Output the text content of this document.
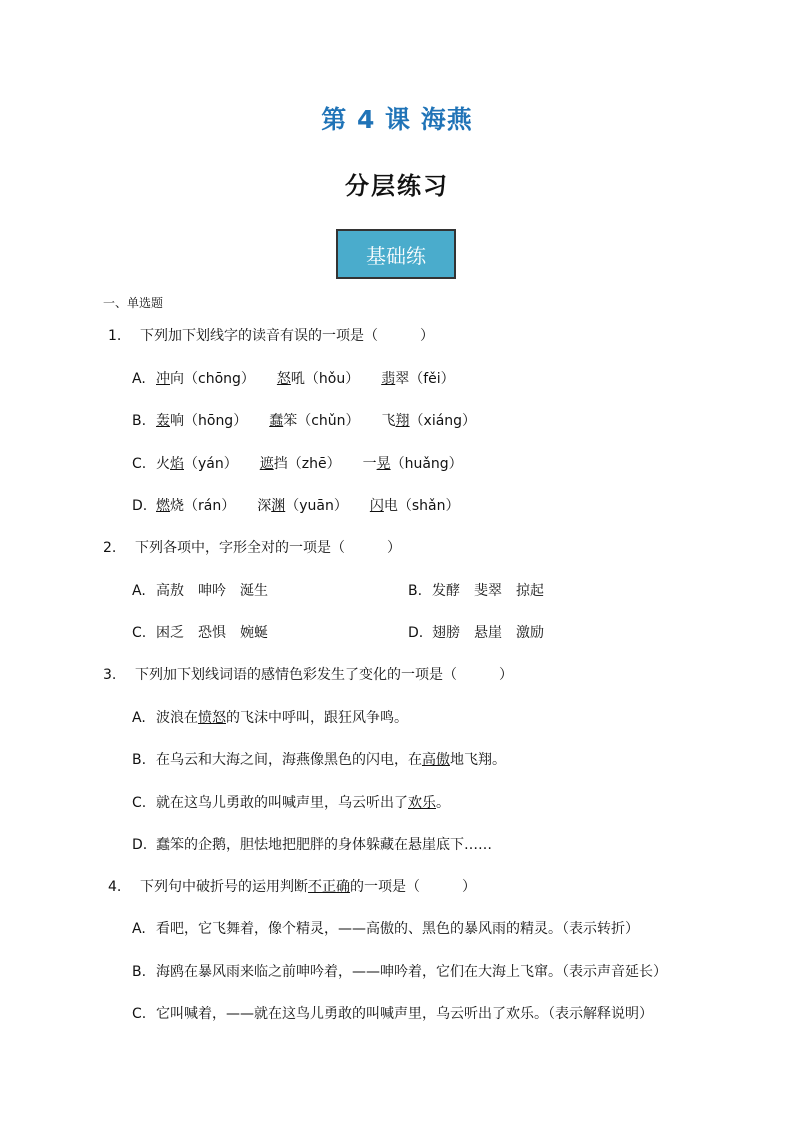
第 4 课 海燕
分层练习
基础练
一、单选题
1. 下列加下划线字的读音有误的一项是（　　　）
A. 冲向（chōng） 怒吼（hǒu） 翡翠（fěi）
B. 轰响（hōng） 蠢笨（chǔn） 飞翔（xiáng）
C. 火焰（yán） 遮挡（zhē） 一晃（huǎng）
D. 燃烧（rán） 深渊（yuān） 闪电（shǎn）
2. 下列各项中，字形全对的一项是（　　　）
A. 高敖　呻吟　涎生	B. 发酵　斐翠　掠起
C. 困乏　恐惧　婉蜒	D. 翅膀　悬崖　激励
3. 下列加下划线词语的感情色彩发生了变化的一项是（　　　）
A. 波浪在愤怒的飞沫中呼叫，跟狂风争鸣。
B. 在乌云和大海之间，海燕像黑色的闪电，在高傲地飞翔。
C. 就在这鸟儿勇敢的叫喊声里，乌云听出了欢乐。
D. 蠢笨的企鹅，胆怯地把肥胖的身体躲藏在悬崖底下……
4. 下列句中破折号的运用判断不正确的一项是（　　　）
A. 看吧，它飞舞着，像个精灵，——高傲的、黑色的暴风雨的精灵。（表示转折）
B. 海鸥在暴风雨来临之前呻吟着，——呻吟着，它们在大海上飞窜。（表示声音延长）
C. 它叫喊着，——就在这鸟儿勇敢的叫喊声里，乌云听出了欢乐。（表示解释说明）
